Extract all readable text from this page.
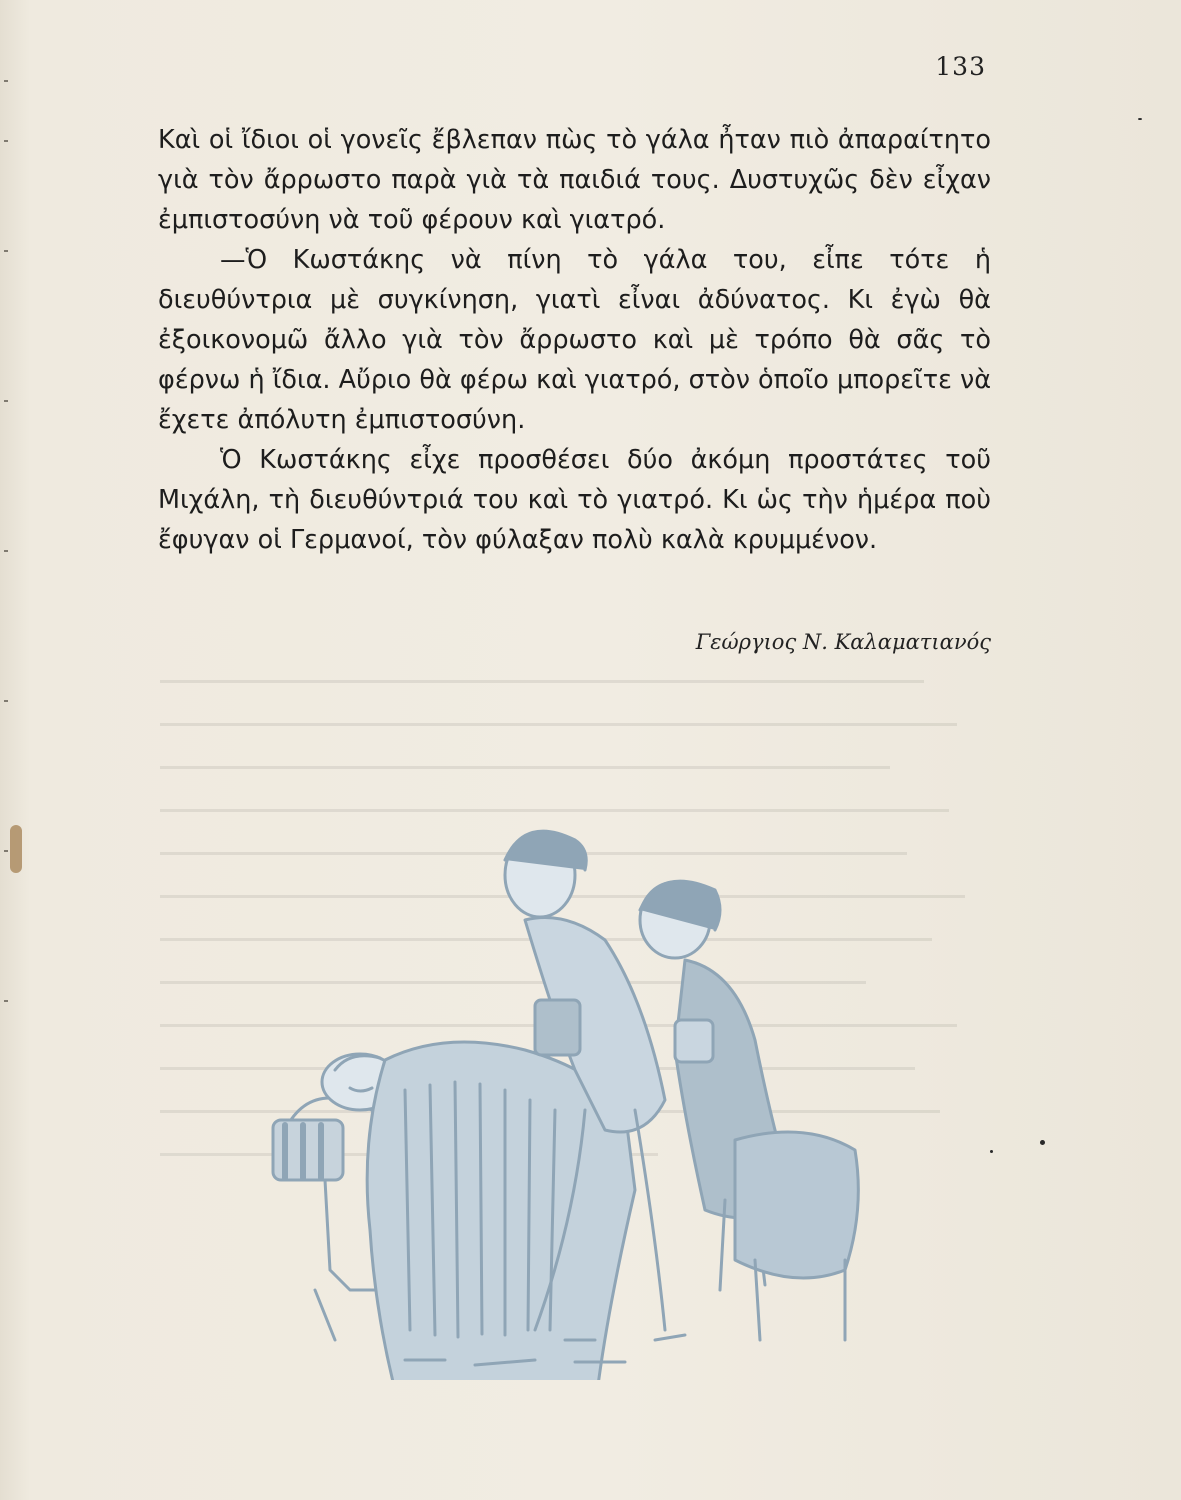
133

Καὶ οἱ ἴδιοι οἱ γονεῖς ἔβλεπαν πὼς τὸ γάλα ἦταν πιὸ ἀπαραίτητο γιὰ τὸν ἄρρωστο παρὰ γιὰ τὰ παιδιά τους. Δυστυχῶς δὲν εἶχαν ἐμπιστοσύνη νὰ τοῦ φέρουν καὶ γιατρό.

—Ὁ Κωστάκης νὰ πίνη τὸ γάλα του, εἶπε τότε ἡ διευθύντρια μὲ συγκίνηση, γιατὶ εἶναι ἀδύνατος. Κι ἐγὼ θὰ ἐξοικονομῶ ἄλλο γιὰ τὸν ἄρρωστο καὶ μὲ τρόπο θὰ σᾶς τὸ φέρνω ἡ ἴδια. Αὔριο θὰ φέρω καὶ γιατρό, στὸν ὁποῖο μπορεῖτε νὰ ἔχετε ἀπόλυτη ἐμπιστοσύνη.

Ὁ Κωστάκης εἶχε προσθέσει δύο ἀκόμη προστάτες τοῦ Μιχάλη, τὴ διευθύντριά του καὶ τὸ γιατρό. Κι ὡς τὴν ἡμέρα ποὺ ἔφυγαν οἱ Γερμανοί, τὸν φύλαξαν πολὺ καλὰ κρυμμένον.

Γεώργιος Ν. Καλαματιανός
